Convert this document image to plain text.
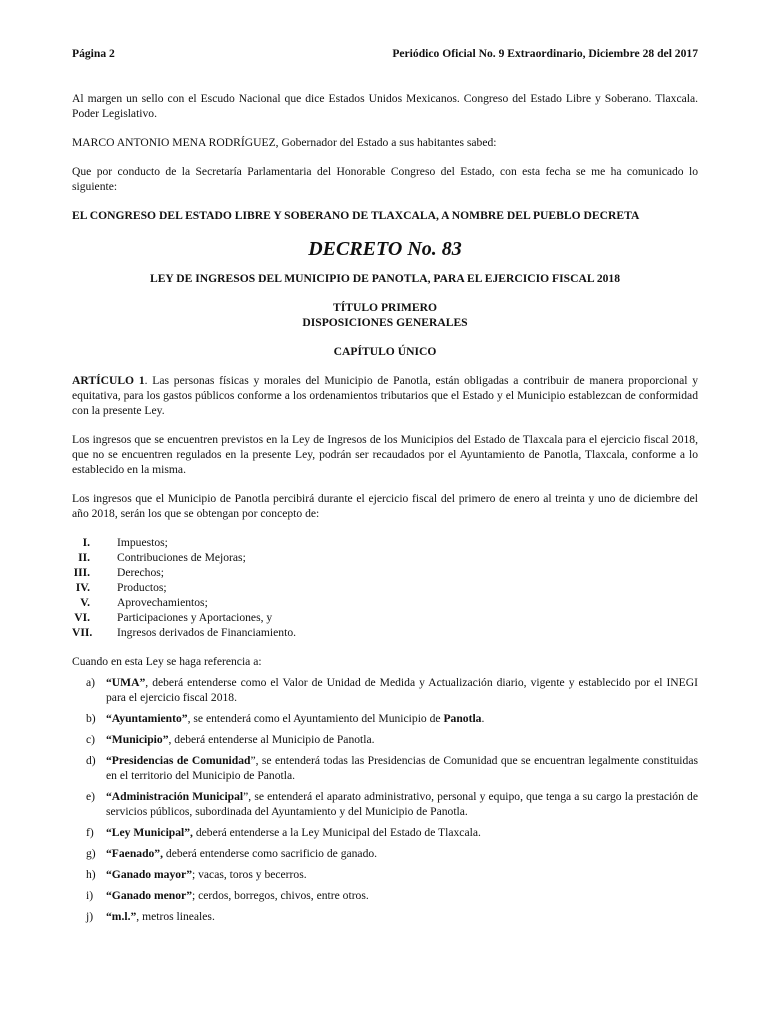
Página 2	Periódico Oficial No. 9 Extraordinario, Diciembre 28 del 2017

Al margen un sello con el Escudo Nacional que dice Estados Unidos Mexicanos. Congreso del Estado Libre y Soberano. Tlaxcala. Poder Legislativo.

MARCO ANTONIO MENA RODRÍGUEZ, Gobernador del Estado a sus habitantes sabed:

Que por conducto de la Secretaría Parlamentaria del Honorable Congreso del Estado, con esta fecha se me ha comunicado lo siguiente:

EL CONGRESO DEL ESTADO LIBRE Y SOBERANO DE TLAXCALA, A NOMBRE DEL PUEBLO DECRETA
DECRETO No. 83
LEY DE INGRESOS DEL MUNICIPIO DE PANOTLA, PARA EL EJERCICIO FISCAL 2018
TÍTULO PRIMERO
DISPOSICIONES GENERALES
CAPÍTULO ÚNICO

ARTÍCULO 1. Las personas físicas y morales del Municipio de Panotla, están obligadas a contribuir de manera proporcional y equitativa, para los gastos públicos conforme a los ordenamientos tributarios que el Estado y el Municipio establezcan de conformidad con la presente Ley.

Los ingresos que se encuentren previstos en la Ley de Ingresos de los Municipios del Estado de Tlaxcala para el ejercicio fiscal 2018, que no se encuentren regulados en la presente Ley, podrán ser recaudados por el Ayuntamiento de Panotla, Tlaxcala, conforme a lo establecido en la misma.

Los ingresos que el Municipio de Panotla percibirá durante el ejercicio fiscal del primero de enero al treinta y uno de diciembre del año 2018, serán los que se obtengan por concepto de:

I. Impuestos;
II. Contribuciones de Mejoras;
III. Derechos;
IV. Productos;
V. Aprovechamientos;
VI. Participaciones y Aportaciones, y
VII. Ingresos derivados de Financiamiento.

Cuando en esta Ley se haga referencia a:

a) “UMA”, deberá entenderse como el Valor de Unidad de Medida y Actualización diario, vigente y establecido por el INEGI para el ejercicio fiscal 2018.
b) “Ayuntamiento”, se entenderá como el Ayuntamiento del Municipio de Panotla.
c) “Municipio”, deberá entenderse al Municipio de Panotla.
d) “Presidencias de Comunidad”, se entenderá todas las Presidencias de Comunidad que se encuentran legalmente constituidas en el territorio del Municipio de Panotla.
e) “Administración Municipal”, se entenderá el aparato administrativo, personal y equipo, que tenga a su cargo la prestación de servicios públicos, subordinada del Ayuntamiento y del Municipio de Panotla.
f)	“Ley Municipal”, deberá entenderse a la Ley Municipal del Estado de Tlaxcala.
g) “Faenado”, deberá entenderse como sacrificio de ganado.
h) “Ganado mayor”; vacas, toros y becerros.
i)	“Ganado menor”; cerdos, borregos, chivos, entre otros.
j)	“m.l.”, metros lineales.
